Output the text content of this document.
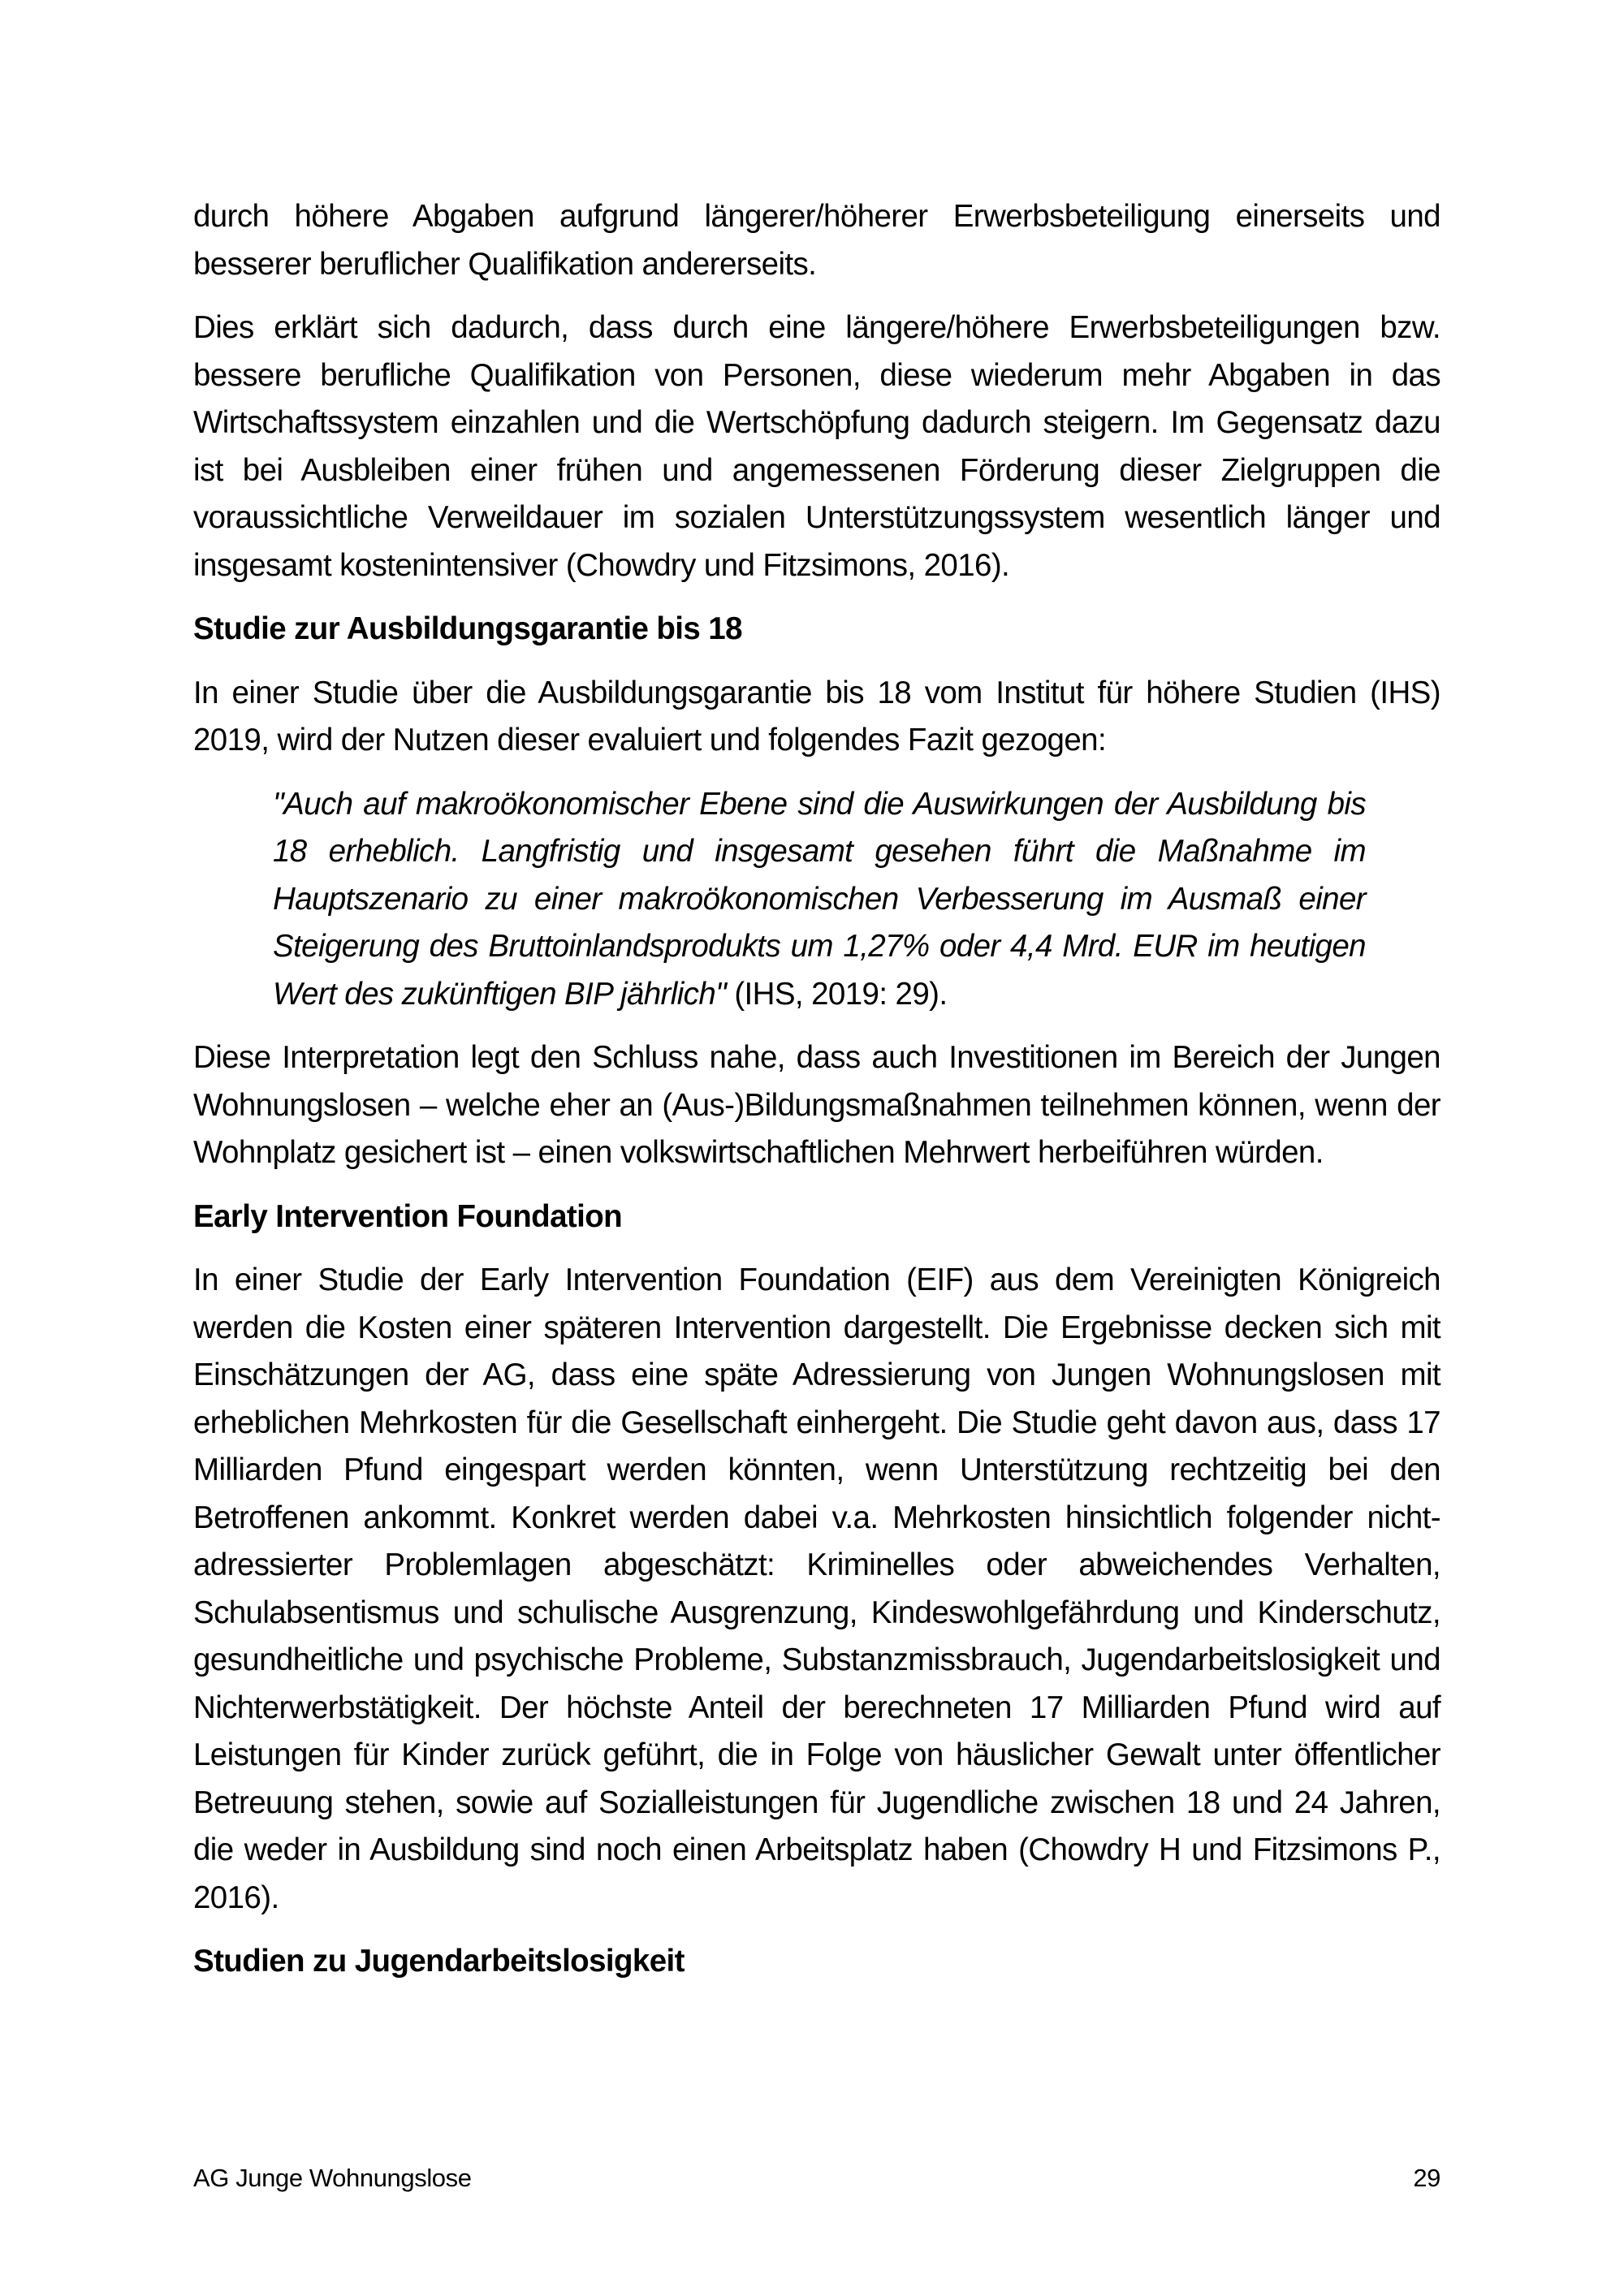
durch höhere Abgaben aufgrund längerer/höherer Erwerbsbeteiligung einerseits und besserer beruflicher Qualifikation andererseits.

Dies erklärt sich dadurch, dass durch eine längere/höhere Erwerbsbeteiligungen bzw. bessere berufliche Qualifikation von Personen, diese wiederum mehr Abgaben in das Wirtschaftssystem einzahlen und die Wertschöpfung dadurch steigern. Im Gegensatz dazu ist bei Ausbleiben einer frühen und angemessenen Förderung dieser Zielgruppen die voraussichtliche Verweildauer im sozialen Unterstützungssystem wesentlich länger und insgesamt kostenintensiver (Chowdry und Fitzsimons, 2016).

Studie zur Ausbildungsgarantie bis 18

In einer Studie über die Ausbildungsgarantie bis 18 vom Institut für höhere Studien (IHS) 2019, wird der Nutzen dieser evaluiert und folgendes Fazit gezogen:

"Auch auf makroökonomischer Ebene sind die Auswirkungen der Ausbildung bis 18 erheblich. Langfristig und insgesamt gesehen führt die Maßnahme im Hauptszenario zu einer makroökonomischen Verbesserung im Ausmaß einer Steigerung des Bruttoinlandsprodukts um 1,27% oder 4,4 Mrd. EUR im heutigen Wert des zukünftigen BIP jährlich" (IHS, 2019: 29).

Diese Interpretation legt den Schluss nahe, dass auch Investitionen im Bereich der Jungen Wohnungslosen – welche eher an (Aus-)Bildungsmaßnahmen teilnehmen können, wenn der Wohnplatz gesichert ist – einen volkswirtschaftlichen Mehrwert herbeiführen würden.

Early Intervention Foundation

In einer Studie der Early Intervention Foundation (EIF) aus dem Vereinigten Königreich werden die Kosten einer späteren Intervention dargestellt. Die Ergebnisse decken sich mit Einschätzungen der AG, dass eine späte Adressierung von Jungen Wohnungslosen mit erheblichen Mehrkosten für die Gesellschaft einhergeht. Die Studie geht davon aus, dass 17 Milliarden Pfund eingespart werden könnten, wenn Unterstützung rechtzeitig bei den Betroffenen ankommt. Konkret werden dabei v.a. Mehrkosten hinsichtlich folgender nicht-adressierter Problemlagen abgeschätzt: Kriminelles oder abweichendes Verhalten, Schulabsentismus und schulische Ausgrenzung, Kindeswohlgefährdung und Kinderschutz, gesundheitliche und psychische Probleme, Substanzmissbrauch, Jugendarbeitslosigkeit und Nichterwerbstätigkeit. Der höchste Anteil der berechneten 17 Milliarden Pfund wird auf Leistungen für Kinder zurück geführt, die in Folge von häuslicher Gewalt unter öffentlicher Betreuung stehen, sowie auf Sozialleistungen für Jugendliche zwischen 18 und 24 Jahren, die weder in Ausbildung sind noch einen Arbeitsplatz haben (Chowdry H und Fitzsimons P., 2016).

Studien zu Jugendarbeitslosigkeit
AG Junge Wohnungslose	29
